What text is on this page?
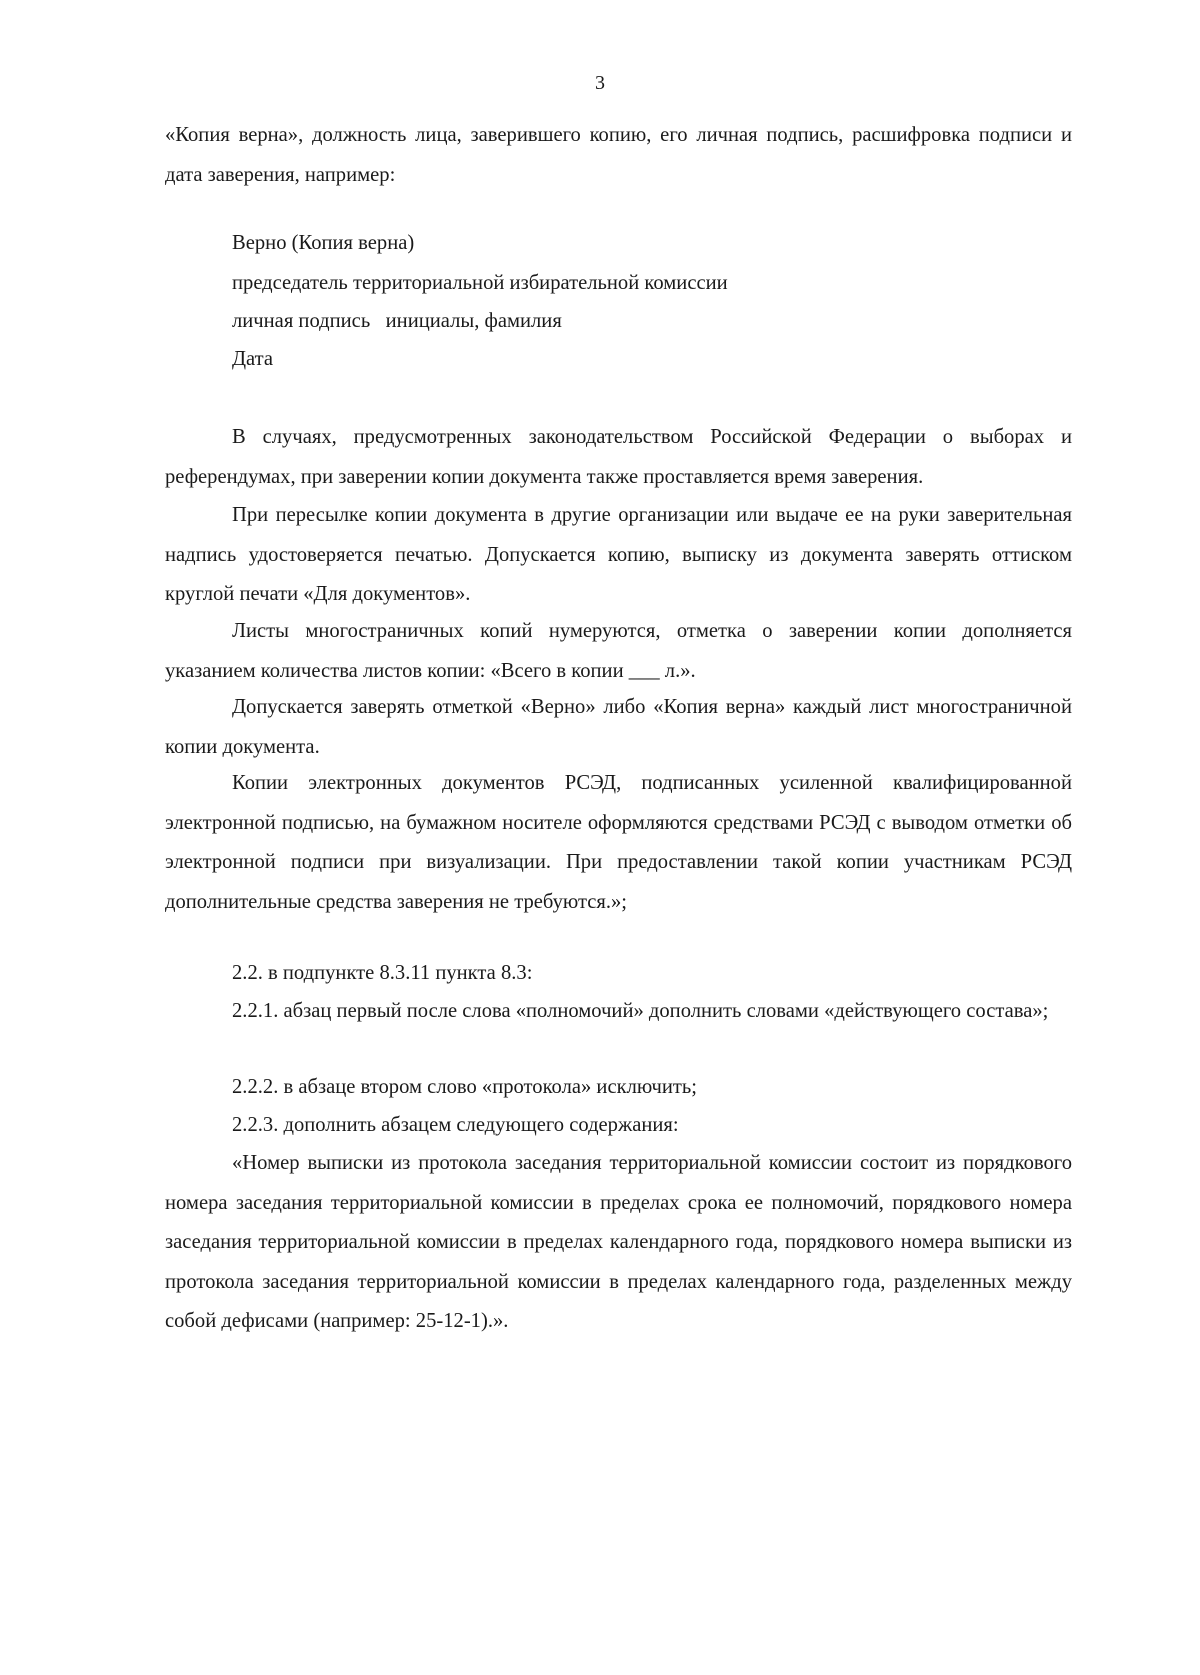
3

«Копия верна», должность лица, заверившего копию, его личная подпись, расшифровка подписи и дата заверения, например:

Верно (Копия верна)

председатель территориальной избирательной комиссии

личная подпись   инициалы, фамилия

Дата

В случаях, предусмотренных законодательством Российской Федерации о выборах и референдумах, при заверении копии документа также проставляется время заверения.

При пересылке копии документа в другие организации или выдаче ее на руки заверительная надпись удостоверяется печатью. Допускается копию, выписку из документа заверять оттиском круглой печати «Для документов».

Листы многостраничных копий нумеруются, отметка о заверении копии дополняется указанием количества листов копии: «Всего в копии ___ л.».

Допускается заверять отметкой «Верно» либо «Копия верна» каждый лист многостраничной копии документа.

Копии электронных документов РСЭД, подписанных усиленной квалифицированной электронной подписью, на бумажном носителе оформляются средствами РСЭД с выводом отметки об электронной подписи при визуализации. При предоставлении такой копии участникам РСЭД дополнительные средства заверения не требуются.»;

2.2. в подпункте 8.3.11 пункта 8.3:

2.2.1. абзац первый после слова «полномочий» дополнить словами «действующего состава»;

2.2.2. в абзаце втором слово «протокола» исключить;

2.2.3. дополнить абзацем следующего содержания:

«Номер выписки из протокола заседания территориальной комиссии состоит из порядкового номера заседания территориальной комиссии в пределах срока ее полномочий, порядкового номера заседания территориальной комиссии в пределах календарного года, порядкового номера выписки из протокола заседания территориальной комиссии в пределах календарного года, разделенных между собой дефисами (например: 25-12-1).».
